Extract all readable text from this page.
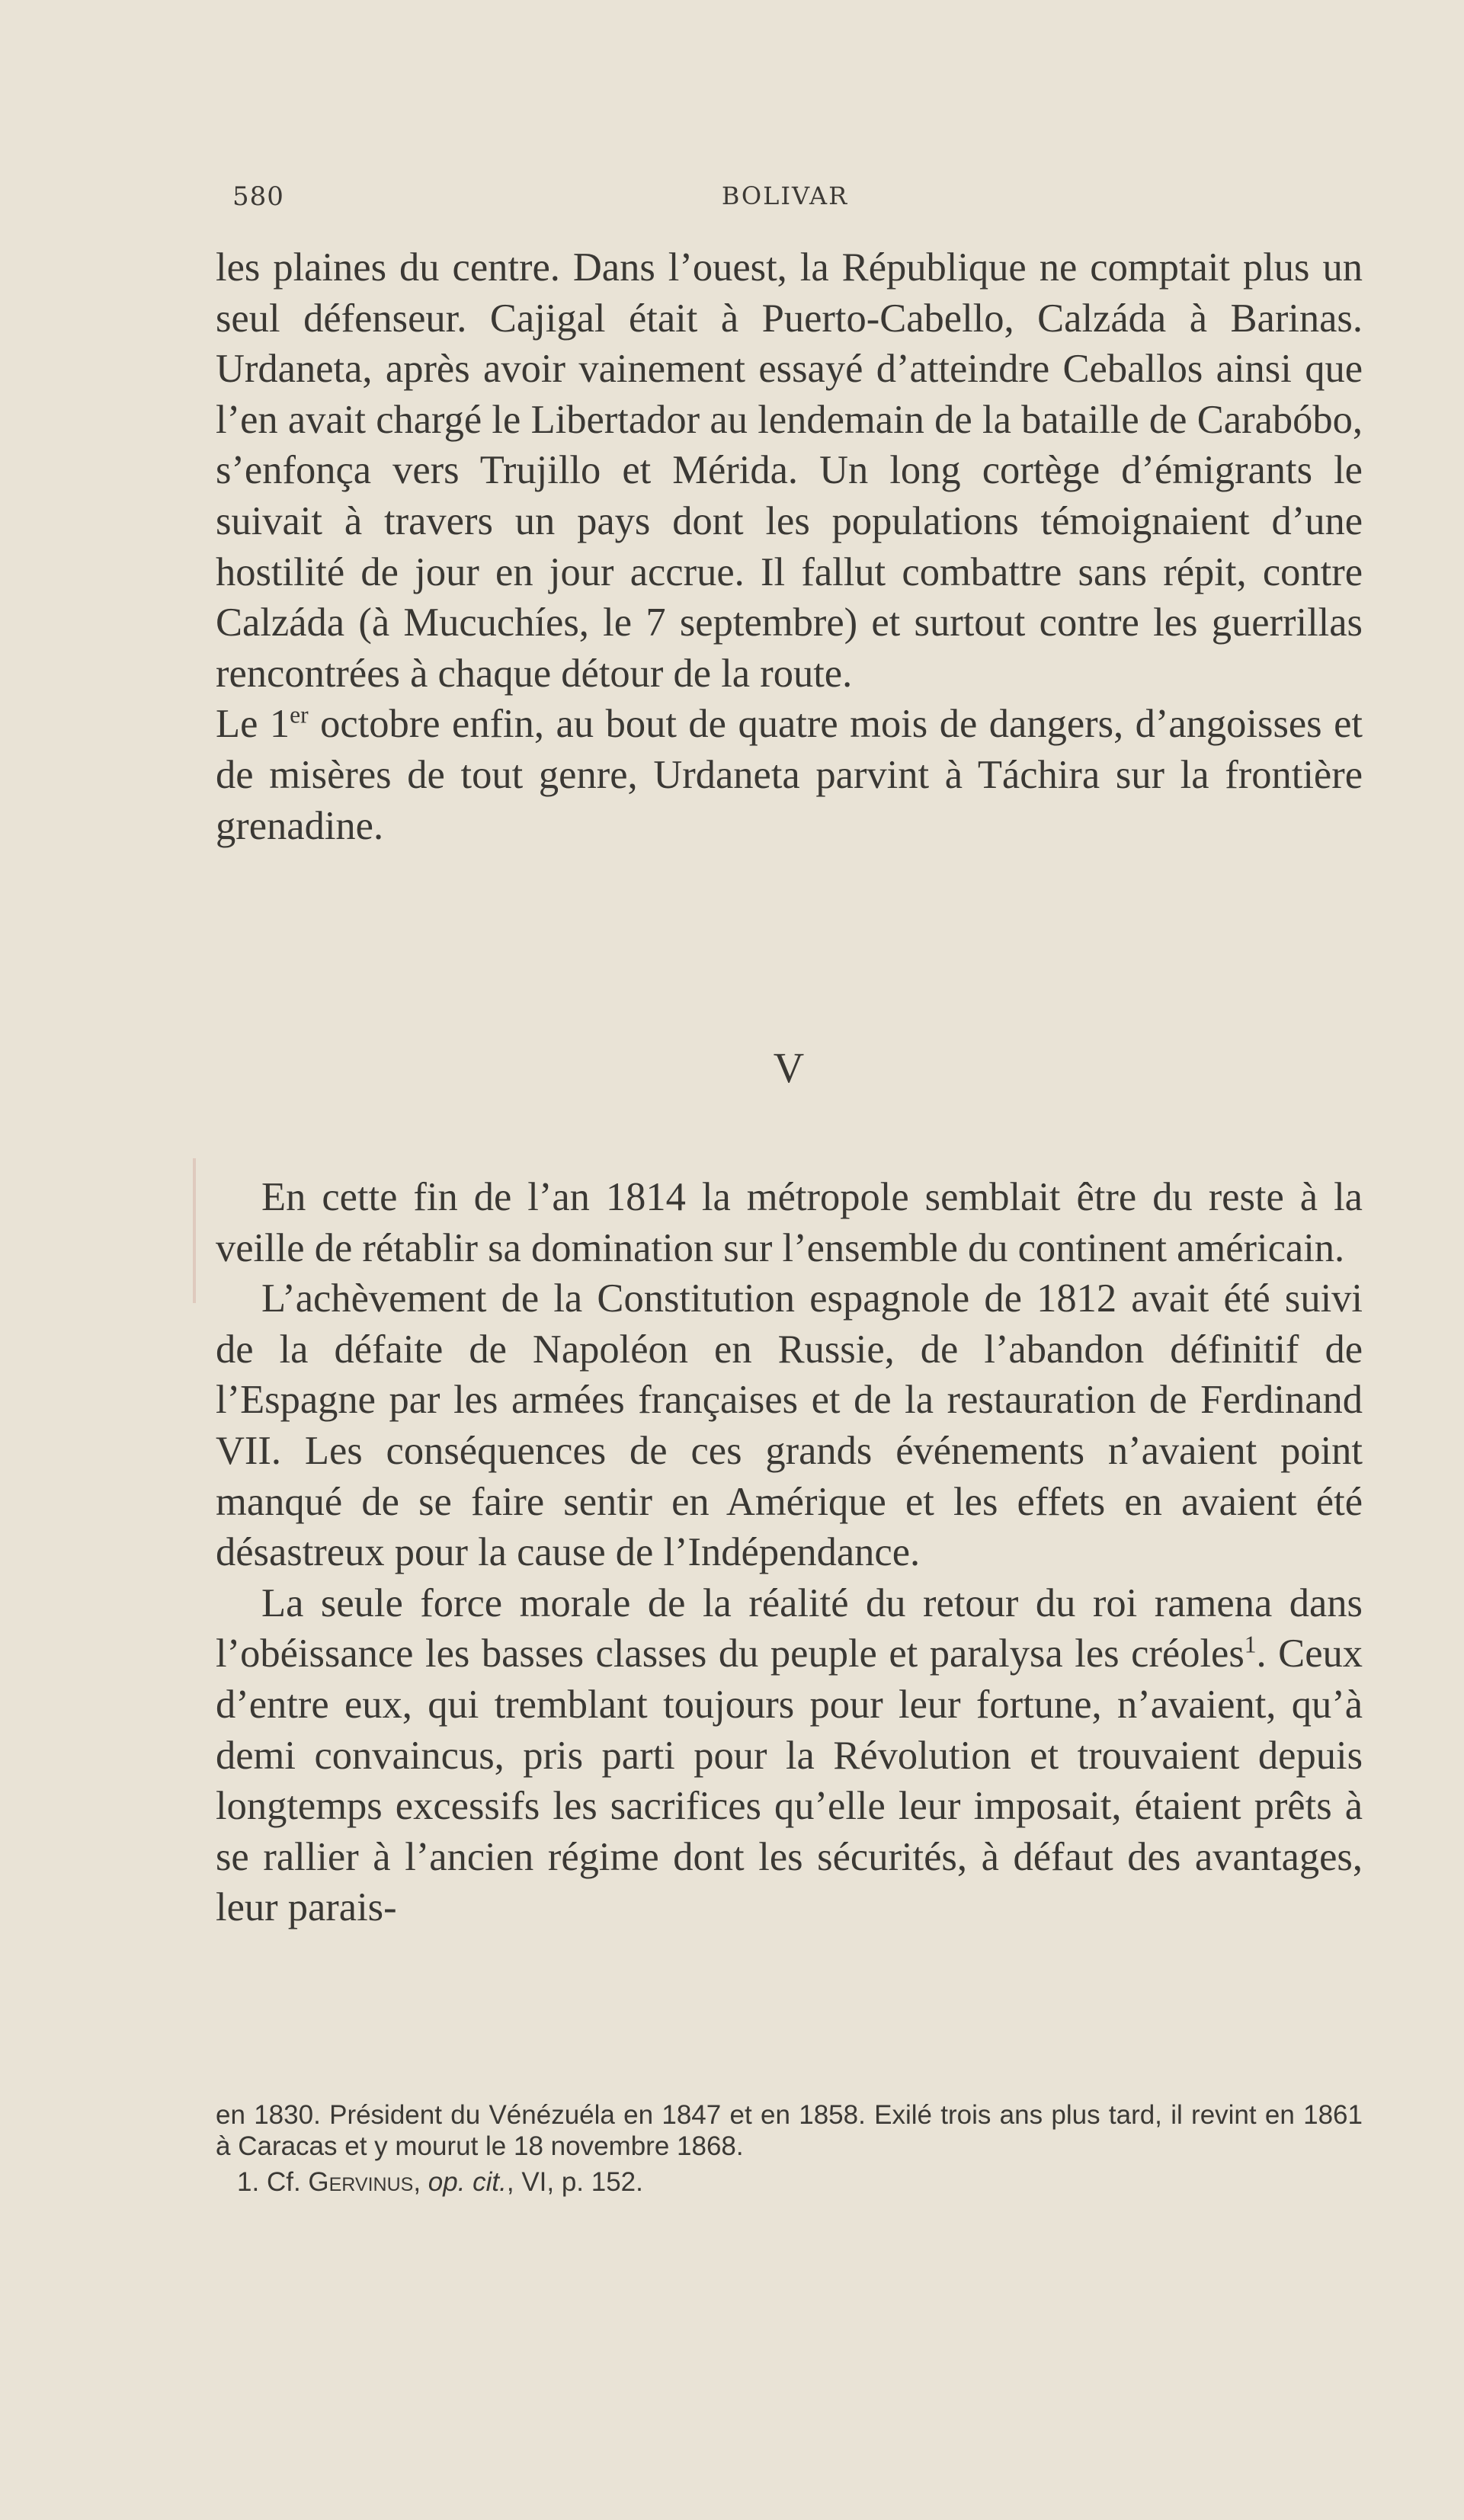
580	BOLIVAR

les plaines du centre. Dans l’ouest, la République ne comptait plus un seul défenseur. Cajigal était à Puerto-Cabello, Calzáda à Barinas. Urdaneta, après avoir vainement essayé d’atteindre Ceballos ainsi que l’en avait chargé le Libertador au lendemain de la bataille de Carabóbo, s’enfonça vers Trujillo et Mérida. Un long cortège d’émigrants le suivait à travers un pays dont les populations témoignaient d’une hostilité de jour en jour accrue. Il fallut combattre sans répit, contre Calzáda (à Mucuchíes, le 7 septembre) et surtout contre les guerrillas rencontrées à chaque détour de la route.

Le 1er octobre enfin, au bout de quatre mois de dangers, d’angoisses et de misères de tout genre, Urdaneta parvint à Táchira sur la frontière grenadine.

V

En cette fin de l’an 1814 la métropole semblait être du reste à la veille de rétablir sa domination sur l’ensemble du continent américain.

L’achèvement de la Constitution espagnole de 1812 avait été suivi de la défaite de Napoléon en Russie, de l’abandon définitif de l’Espagne par les armées françaises et de la restauration de Ferdinand VII. Les conséquences de ces grands événements n’avaient point manqué de se faire sentir en Amérique et les effets en avaient été désastreux pour la cause de l’Indépendance.

La seule force morale de la réalité du retour du roi ramena dans l’obéissance les basses classes du peuple et paralysa les créoles$^1$. Ceux d’entre eux, qui tremblant toujours pour leur fortune, n’avaient, qu’à demi convaincus, pris parti pour la Révolution et trouvaient depuis longtemps excessifs les sacrifices qu’elle leur imposait, étaient prêts à se rallier à l’ancien régime dont les sécurités, à défaut des avantages, leur parais-

en 1830. Président du Vénézuéla en 1847 et en 1858. Exilé trois ans plus tard, il revint en 1861 à Caracas et y mourut le 18 novembre 1868.

1. Cf. Gervinus, op. cit., VI, p. 152.
